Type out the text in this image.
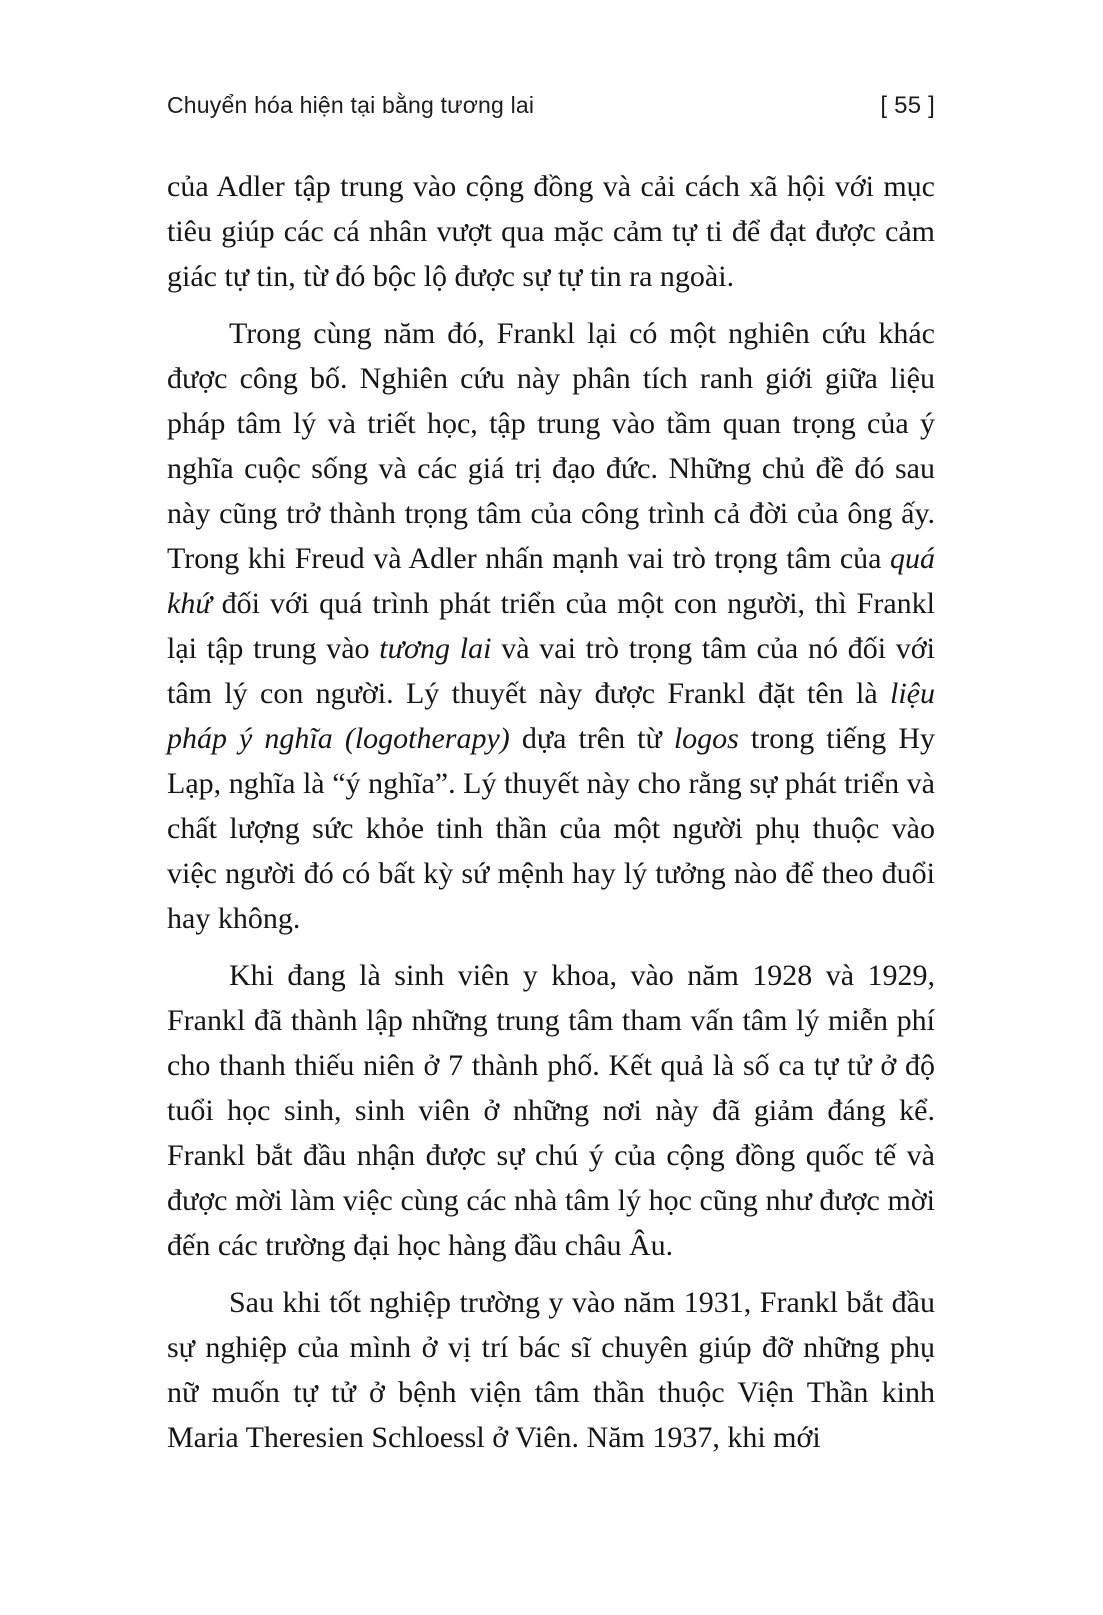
Chuyển hóa hiện tại bằng tương lai	[ 55 ]

của Adler tập trung vào cộng đồng và cải cách xã hội với mục tiêu giúp các cá nhân vượt qua mặc cảm tự ti để đạt được cảm giác tự tin, từ đó bộc lộ được sự tự tin ra ngoài.

Trong cùng năm đó, Frankl lại có một nghiên cứu khác được công bố. Nghiên cứu này phân tích ranh giới giữa liệu pháp tâm lý và triết học, tập trung vào tầm quan trọng của ý nghĩa cuộc sống và các giá trị đạo đức. Những chủ đề đó sau này cũng trở thành trọng tâm của công trình cả đời của ông ấy. Trong khi Freud và Adler nhấn mạnh vai trò trọng tâm của quá khứ đối với quá trình phát triển của một con người, thì Frankl lại tập trung vào tương lai và vai trò trọng tâm của nó đối với tâm lý con người. Lý thuyết này được Frankl đặt tên là liệu pháp ý nghĩa (logotherapy) dựa trên từ logos trong tiếng Hy Lạp, nghĩa là “ý nghĩa”. Lý thuyết này cho rằng sự phát triển và chất lượng sức khỏe tinh thần của một người phụ thuộc vào việc người đó có bất kỳ sứ mệnh hay lý tưởng nào để theo đuổi hay không.

Khi đang là sinh viên y khoa, vào năm 1928 và 1929, Frankl đã thành lập những trung tâm tham vấn tâm lý miễn phí cho thanh thiếu niên ở 7 thành phố. Kết quả là số ca tự tử ở độ tuổi học sinh, sinh viên ở những nơi này đã giảm đáng kể. Frankl bắt đầu nhận được sự chú ý của cộng đồng quốc tế và được mời làm việc cùng các nhà tâm lý học cũng như được mời đến các trường đại học hàng đầu châu Âu.

Sau khi tốt nghiệp trường y vào năm 1931, Frankl bắt đầu sự nghiệp của mình ở vị trí bác sĩ chuyên giúp đỡ những phụ nữ muốn tự tử ở bệnh viện tâm thần thuộc Viện Thần kinh Maria Theresien Schloessl ở Viên. Năm 1937, khi mới
